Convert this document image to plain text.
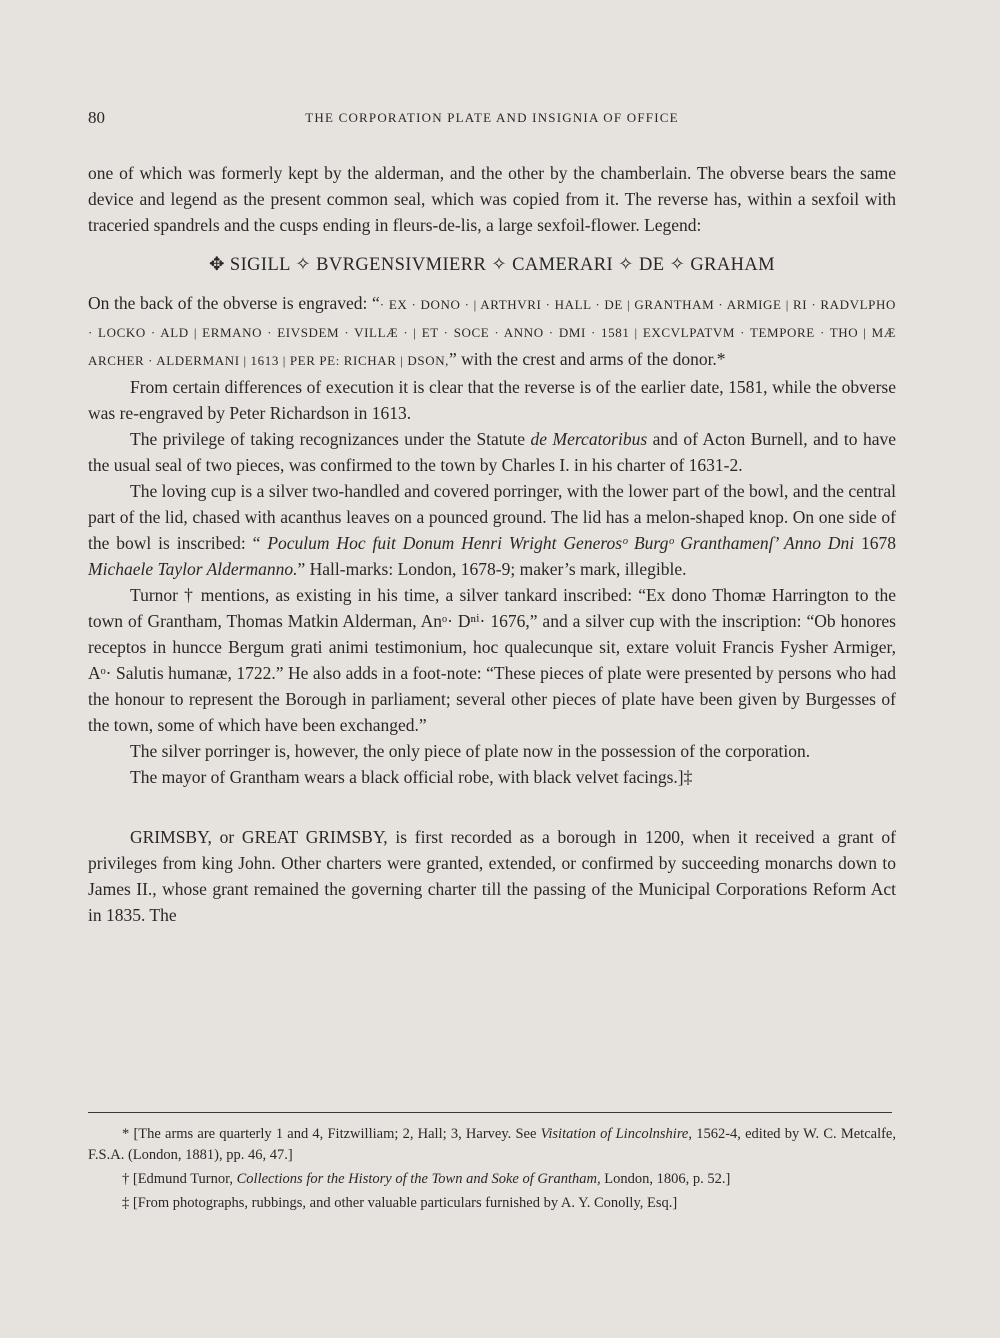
80	THE CORPORATION PLATE AND INSIGNIA OF OFFICE

one of which was formerly kept by the alderman, and the other by the chamberlain. The obverse bears the same device and legend as the present common seal, which was copied from it. The reverse has, within a sexfoil with traceried spandrels and the cusps ending in fleurs-de-lis, a large sexfoil-flower. Legend:

✥ SIGILL ✧ BVRGENSIVMIERR ✧ CAMERARI ✧ DE ✧ GRAHAM

On the back of the obverse is engraved: “· EX · DONO · | ARTHVRI · HALL · DE | GRANTHAM · ARMIGE | RI · RADVLPHO · LOCKO · ALD | ERMANO · EIVSDEM · VILLÆ · | ET · SOCE · ANNO · DMI · 1581 | EXCVLPATVM · TEMPORE · THO | MÆ ARCHER · ALDERMANI | 1613 | PER PE: RICHAR | DSON,” with the crest and arms of the donor.*

From certain differences of execution it is clear that the reverse is of the earlier date, 1581, while the obverse was re-engraved by Peter Richardson in 1613.

The privilege of taking recognizances under the Statute de Mercatoribus and of Acton Burnell, and to have the usual seal of two pieces, was confirmed to the town by Charles I. in his charter of 1631-2.

The loving cup is a silver two-handled and covered porringer, with the lower part of the bowl, and the central part of the lid, chased with acanthus leaves on a pounced ground. The lid has a melon-shaped knop. On one side of the bowl is inscribed: “ Poculum Hoc fuit Donum Henri Wright Generosᵒ Burgᵒ Granthamenſ’ Anno Dni 1678 Michaele Taylor Aldermanno.” Hall-marks: London, 1678-9; maker’s mark, illegible.

Turnor † mentions, as existing in his time, a silver tankard inscribed: “Ex dono Thomæ Harrington to the town of Grantham, Thomas Matkin Alderman, Anᵒ· Dⁿⁱ· 1676,” and a silver cup with the inscription: “Ob honores receptos in huncce Bergum grati animi testimonium, hoc qualecunque sit, extare voluit Francis Fysher Armiger, Aᵒ· Salutis humanæ, 1722.” He also adds in a foot-note: “These pieces of plate were presented by persons who had the honour to represent the Borough in parliament; several other pieces of plate have been given by Burgesses of the town, some of which have been exchanged.”

The silver porringer is, however, the only piece of plate now in the possession of the corporation.

The mayor of Grantham wears a black official robe, with black velvet facings.]‡

GRIMSBY, or GREAT GRIMSBY, is first recorded as a borough in 1200, when it received a grant of privileges from king John. Other charters were granted, extended, or confirmed by succeeding monarchs down to James II., whose grant remained the governing charter till the passing of the Municipal Corporations Reform Act in 1835. The

* [The arms are quarterly 1 and 4, Fitzwilliam; 2, Hall; 3, Harvey. See Visitation of Lincolnshire, 1562-4, edited by W. C. Metcalfe, F.S.A. (London, 1881), pp. 46, 47.]

† [Edmund Turnor, Collections for the History of the Town and Soke of Grantham, London, 1806, p. 52.]

‡ [From photographs, rubbings, and other valuable particulars furnished by A. Y. Conolly, Esq.]
